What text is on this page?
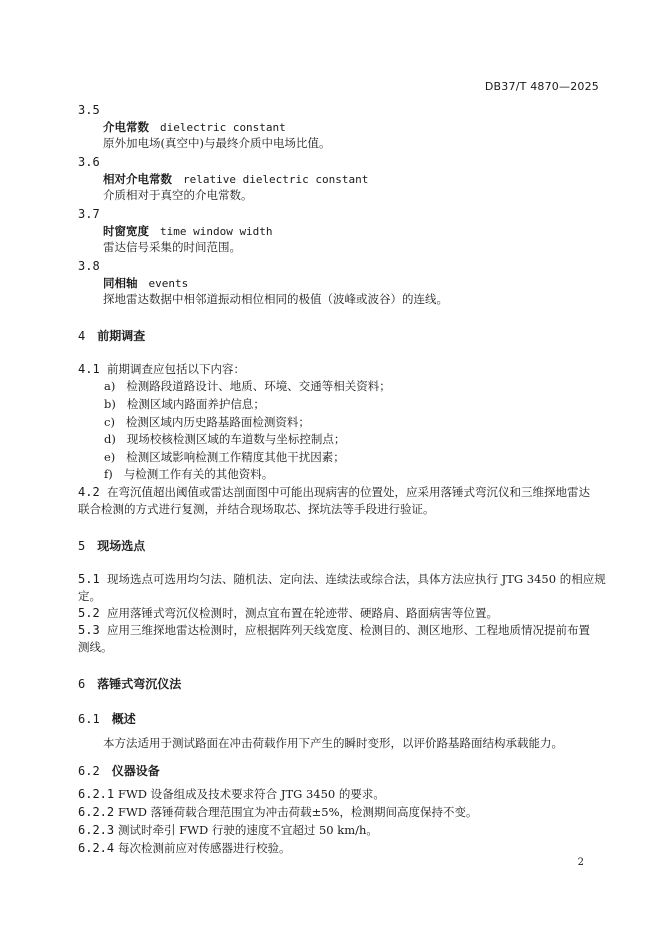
DB37/T 4870—2025
3.5
介电常数 dielectric constant
原外加电场(真空中)与最终介质中电场比值。
3.6
相对介电常数 relative dielectric constant
介质相对于真空的介电常数。
3.7
时窗宽度 time window width
雷达信号采集的时间范围。
3.8
同相轴 events
探地雷达数据中相邻道振动相位相同的极值（波峰或波谷）的连线。
4 前期调查
4.1 前期调查应包括以下内容：
a) 检测路段道路设计、地质、环境、交通等相关资料；
b) 检测区域内路面养护信息；
c) 检测区域内历史路基路面检测资料；
d) 现场校核检测区域的车道数与坐标控制点；
e) 检测区域影响检测工作精度其他干扰因素；
f) 与检测工作有关的其他资料。
4.2 在弯沉值超出阈值或雷达剖面图中可能出现病害的位置处，应采用落锤式弯沉仪和三维探地雷达
联合检测的方式进行复测，并结合现场取芯、探坑法等手段进行验证。
5 现场选点
5.1 现场选点可选用均匀法、随机法、定向法、连续法或综合法，具体方法应执行 JTG 3450 的相应规
定。
5.2 应用落锤式弯沉仪检测时，测点宜布置在轮迹带、硬路肩、路面病害等位置。
5.3 应用三维探地雷达检测时，应根据阵列天线宽度、检测目的、测区地形、工程地质情况提前布置
测线。
6 落锤式弯沉仪法
6.1 概述
本方法适用于测试路面在冲击荷载作用下产生的瞬时变形，以评价路基路面结构承载能力。
6.2 仪器设备
6.2.1 FWD 设备组成及技术要求符合 JTG 3450 的要求。
6.2.2 FWD 落锤荷载合理范围宜为冲击荷载±5%，检测期间高度保持不变。
6.2.3 测试时牵引 FWD 行驶的速度不宜超过 50 km/h。
6.2.4 每次检测前应对传感器进行校验。
2
